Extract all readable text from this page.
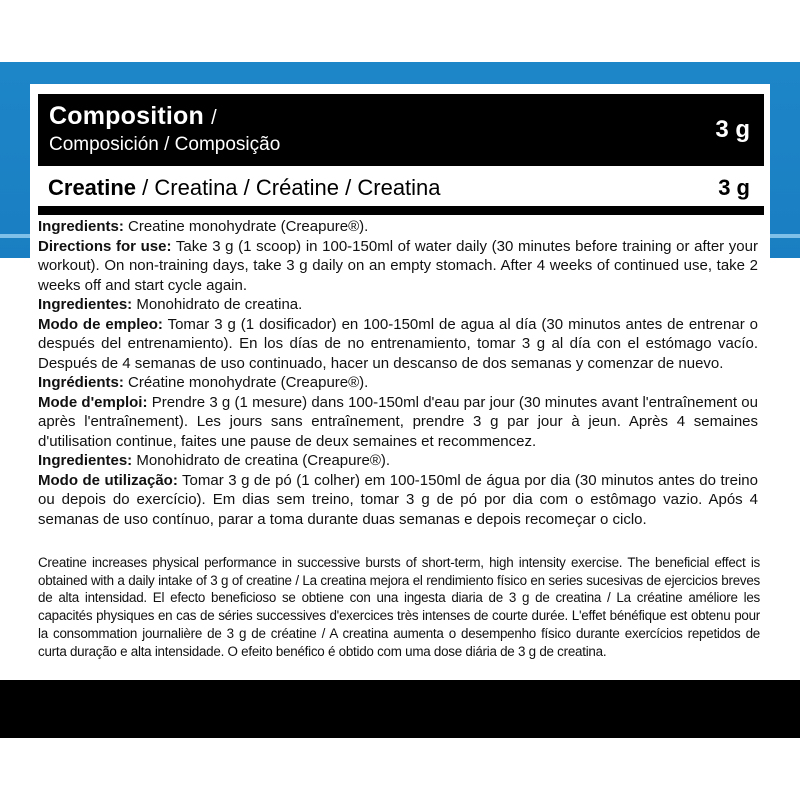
Composition /
Composición / Composição
3 g
Creatine / Creatina / Créatine / Creatina	3 g

Ingredients: Creatine monohydrate (Creapure®).

Directions for use: Take 3 g (1 scoop) in 100-150ml of water daily (30 minutes before training or after your workout). On non-training days, take 3 g daily on an empty stomach. After 4 weeks of continued use, take 2 weeks off and start cycle again.

Ingredientes: Monohidrato de creatina.

Modo de empleo: Tomar 3 g (1 dosificador) en 100-150ml de agua al día (30 minutos antes de entrenar o después del entrenamiento). En los días de no entrenamiento, tomar 3 g al día con el estómago vacío. Después de 4 semanas de uso continuado, hacer un descanso de dos semanas y comenzar de nuevo.

Ingrédients: Créatine monohydrate (Creapure®).

Mode d'emploi: Prendre 3 g (1 mesure) dans 100-150ml d'eau par jour (30 minutes avant l'entraînement ou après l'entraînement). Les jours sans entraînement, prendre 3 g par jour à jeun. Après 4 semaines d'utilisation continue, faites une pause de deux semaines et recommencez.

Ingredientes: Monohidrato de creatina (Creapure®).

Modo de utilização: Tomar 3 g de pó (1 colher) em 100-150ml de água por dia (30 minutos antes do treino ou depois do exercício). Em dias sem treino, tomar 3 g de pó por dia com o estômago vazio. Após 4 semanas de uso contínuo, parar a toma durante duas semanas e depois recomeçar o ciclo.

Creatine increases physical performance in successive bursts of short-term, high intensity exercise. The beneficial effect is obtained with a daily intake of 3 g of creatine / La creatina mejora el rendimiento físico en series sucesivas de ejercicios breves de alta intensidad. El efecto beneficioso se obtiene con una ingesta diaria de 3 g de creatina / La créatine améliore les capacités physiques en cas de séries successives d'exercices très intenses de courte durée. L'effet bénéfique est obtenu pour la consommation journalière de 3 g de créatine / A creatina aumenta o desempenho físico durante exercícios repetidos de curta duração e alta intensidade. O efeito benéfico é obtido com uma dose diária de 3 g de creatina.
